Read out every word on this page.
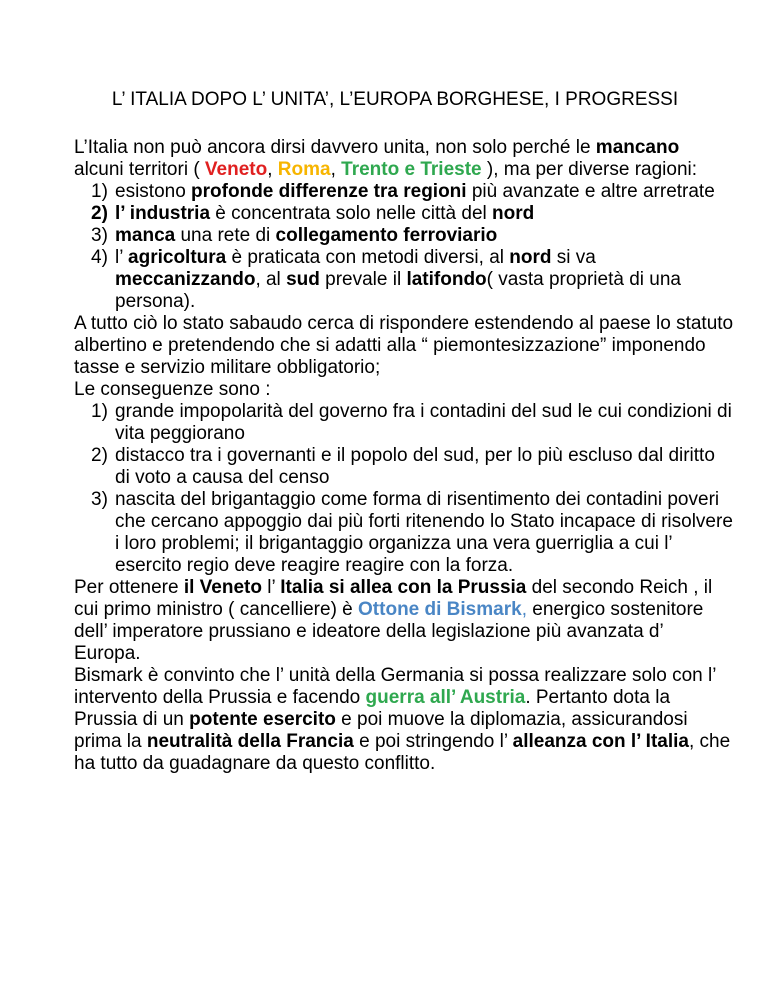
L’ ITALIA DOPO L’ UNITA’, L’EUROPA BORGHESE, I PROGRESSI

L’Italia non può ancora dirsi davvero unita, non solo perché le mancano alcuni territori ( Veneto, Roma, Trento e Trieste ), ma per diverse ragioni:

1) esistono profonde differenze tra regioni più avanzate e altre arretrate
2) l’ industria è concentrata solo nelle città del nord
3) manca una rete di collegamento ferroviario
4) l’ agricoltura è praticata con metodi diversi, al nord si va meccanizzando, al sud prevale il latifondo( vasta proprietà di una persona).

A tutto ciò lo stato sabaudo cerca di rispondere estendendo al paese lo statuto albertino e pretendendo che si adatti alla “ piemontesizzazione” imponendo tasse e servizio militare obbligatorio;

Le conseguenze sono :

1) grande impopolarità del governo fra i contadini del sud le cui condizioni di vita peggiorano
2) distacco tra i governanti e il popolo del sud, per lo più escluso dal diritto di voto a causa del censo
3) nascita del brigantaggio come forma di risentimento dei contadini poveri che cercano appoggio dai più forti ritenendo lo Stato incapace di risolvere i loro problemi; il brigantaggio organizza una vera guerriglia a cui l’ esercito regio deve reagire reagire con la forza.

Per ottenere il Veneto l’ Italia si allea con la Prussia del secondo Reich , il cui primo ministro ( cancelliere) è Ottone di Bismark, energico sostenitore dell’ imperatore prussiano e ideatore della legislazione più avanzata d’ Europa.

Bismark è convinto che l’ unità della Germania si possa realizzare solo con l’ intervento della Prussia e facendo guerra all’ Austria. Pertanto dota la Prussia di un potente esercito e poi muove la diplomazia, assicurandosi prima la neutralità della Francia e poi stringendo l’ alleanza con l’ Italia, che ha tutto da guadagnare da questo conflitto.
